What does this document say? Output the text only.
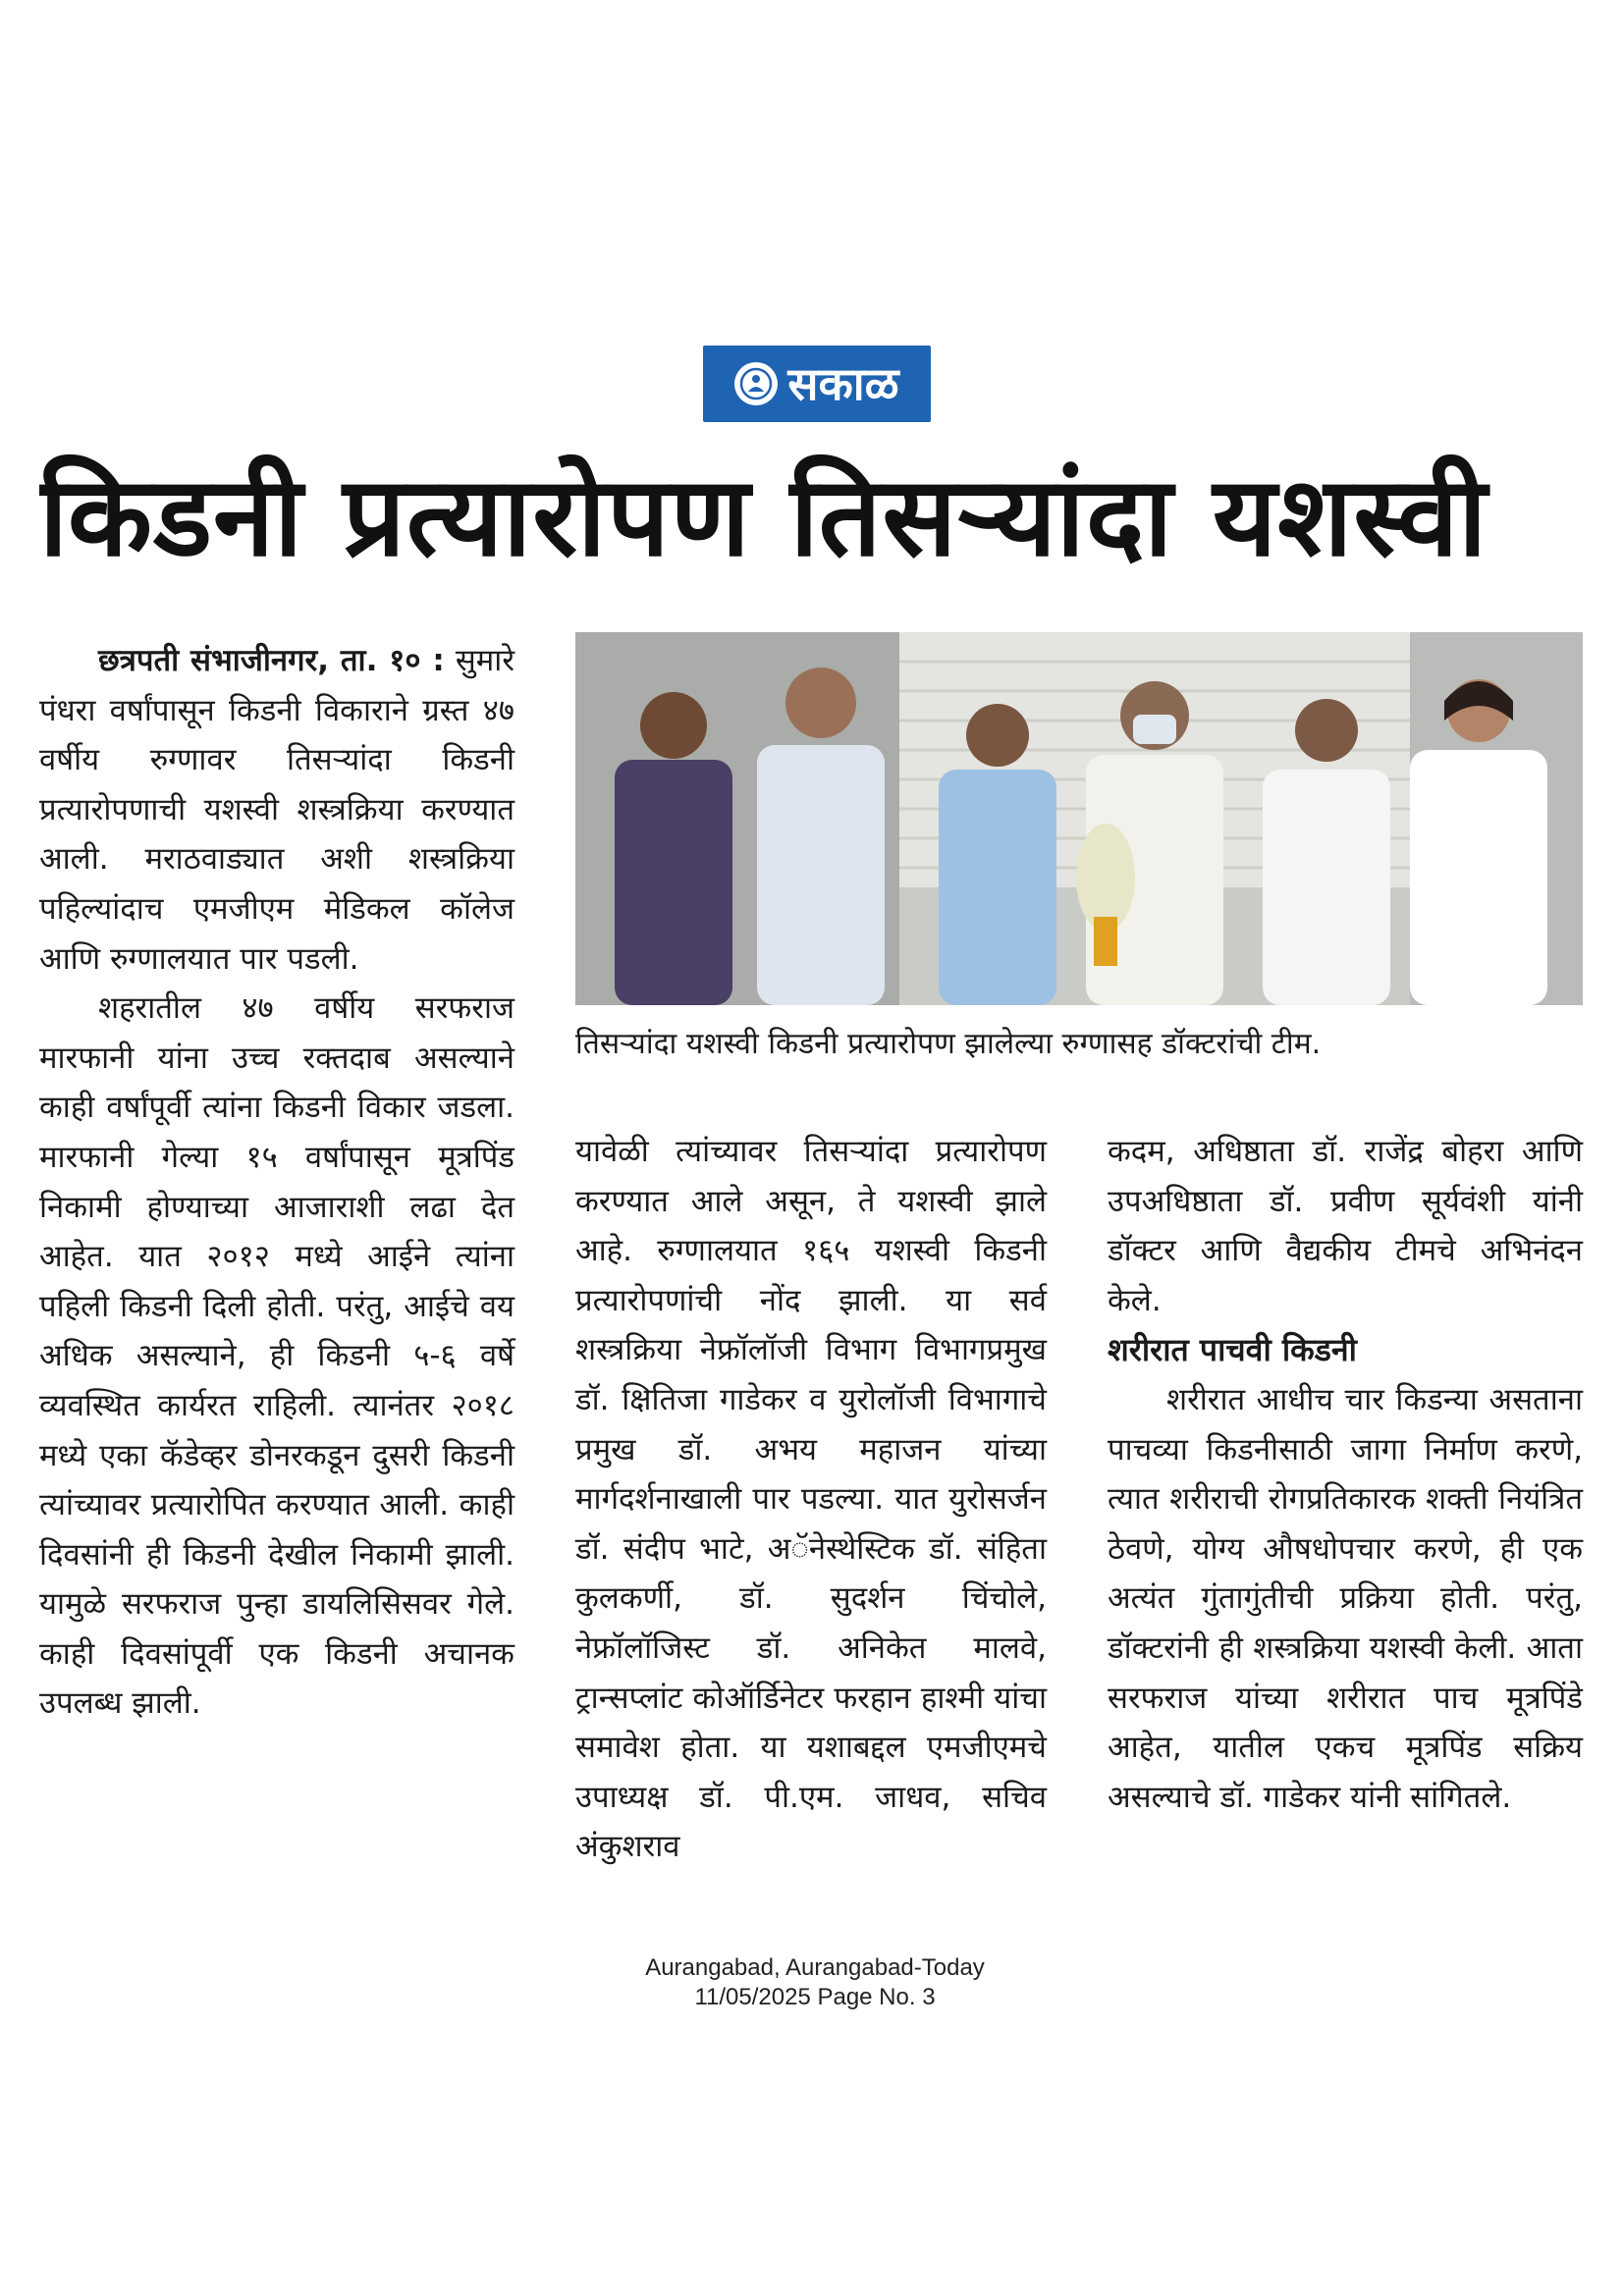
सकाळ
किडनी प्रत्यारोपण तिसऱ्यांदा यशस्वी

छत्रपती संभाजीनगर, ता. १० : सुमारे पंधरा वर्षांपासून किडनी विकाराने ग्रस्त ४७ वर्षीय रुग्णावर तिसऱ्यांदा किडनी प्रत्यारोपणाची यशस्वी शस्त्रक्रिया करण्यात आली. मराठवाड्यात अशी शस्त्रक्रिया पहिल्यांदाच एमजीएम मेडिकल कॉलेज आणि रुग्णालयात पार पडली.

शहरातील ४७ वर्षीय सरफराज मारफानी यांना उच्च रक्तदाब असल्याने काही वर्षांपूर्वी त्यांना किडनी विकार जडला. मारफानी गेल्या १५ वर्षांपासून मूत्रपिंड निकामी होण्याच्या आजाराशी लढा देत आहेत. यात २०१२ मध्ये आईने त्यांना पहिली किडनी दिली होती. परंतु, आईचे वय अधिक असल्याने, ही किडनी ५-६ वर्षे व्यवस्थित कार्यरत राहिली. त्यानंतर २०१८ मध्ये एका कॅडेव्हर डोनरकडून दुसरी किडनी त्यांच्यावर प्रत्यारोपित करण्यात आली. काही दिवसांनी ही किडनी देखील निकामी झाली. यामुळे सरफराज पुन्हा डायलिसिसवर गेले. काही दिवसांपूर्वी एक किडनी अचानक उपलब्ध झाली.

तिसऱ्यांदा यशस्वी किडनी प्रत्यारोपण झालेल्या रुग्णासह डॉक्टरांची टीम.

यावेळी त्यांच्यावर तिसऱ्यांदा प्रत्यारोपण करण्यात आले असून, ते यशस्वी झाले आहे. रुग्णालयात १६५ यशस्वी किडनी प्रत्यारोपणांची नोंद झाली. या सर्व शस्त्रक्रिया नेफ्रॉलॉजी विभाग विभागप्रमुख डॉ. क्षितिजा गाडेकर व युरोलॉजी विभागाचे प्रमुख डॉ. अभय महाजन यांच्या मार्गदर्शनाखाली पार पडल्या. यात युरोसर्जन डॉ. संदीप भाटे, अॅनेस्थेस्टिक डॉ. संहिता कुलकर्णी, डॉ. सुदर्शन चिंचोले, नेफ्रॉलॉजिस्ट डॉ. अनिकेत मालवे, ट्रान्सप्लांट कोऑर्डिनेटर फरहान हाश्मी यांचा समावेश होता. या यशाबद्दल एमजीएमचे उपाध्यक्ष डॉ. पी.एम. जाधव, सचिव अंकुशराव

कदम, अधिष्ठाता डॉ. राजेंद्र बोहरा आणि उपअधिष्ठाता डॉ. प्रवीण सूर्यवंशी यांनी डॉक्टर आणि वैद्यकीय टीमचे अभिनंदन केले.

शरीरात पाचवी किडनी

शरीरात आधीच चार किडन्या असताना पाचव्या किडनीसाठी जागा निर्माण करणे, त्यात शरीराची रोगप्रतिकारक शक्ती नियंत्रित ठेवणे, योग्य औषधोपचार करणे, ही एक अत्यंत गुंतागुंतीची प्रक्रिया होती. परंतु, डॉक्टरांनी ही शस्त्रक्रिया यशस्वी केली. आता सरफराज यांच्या शरीरात पाच मूत्रपिंडे आहेत, यातील एकच मूत्रपिंड सक्रिय असल्याचे डॉ. गाडेकर यांनी सांगितले.

Aurangabad, Aurangabad-Today
11/05/2025 Page No. 3
